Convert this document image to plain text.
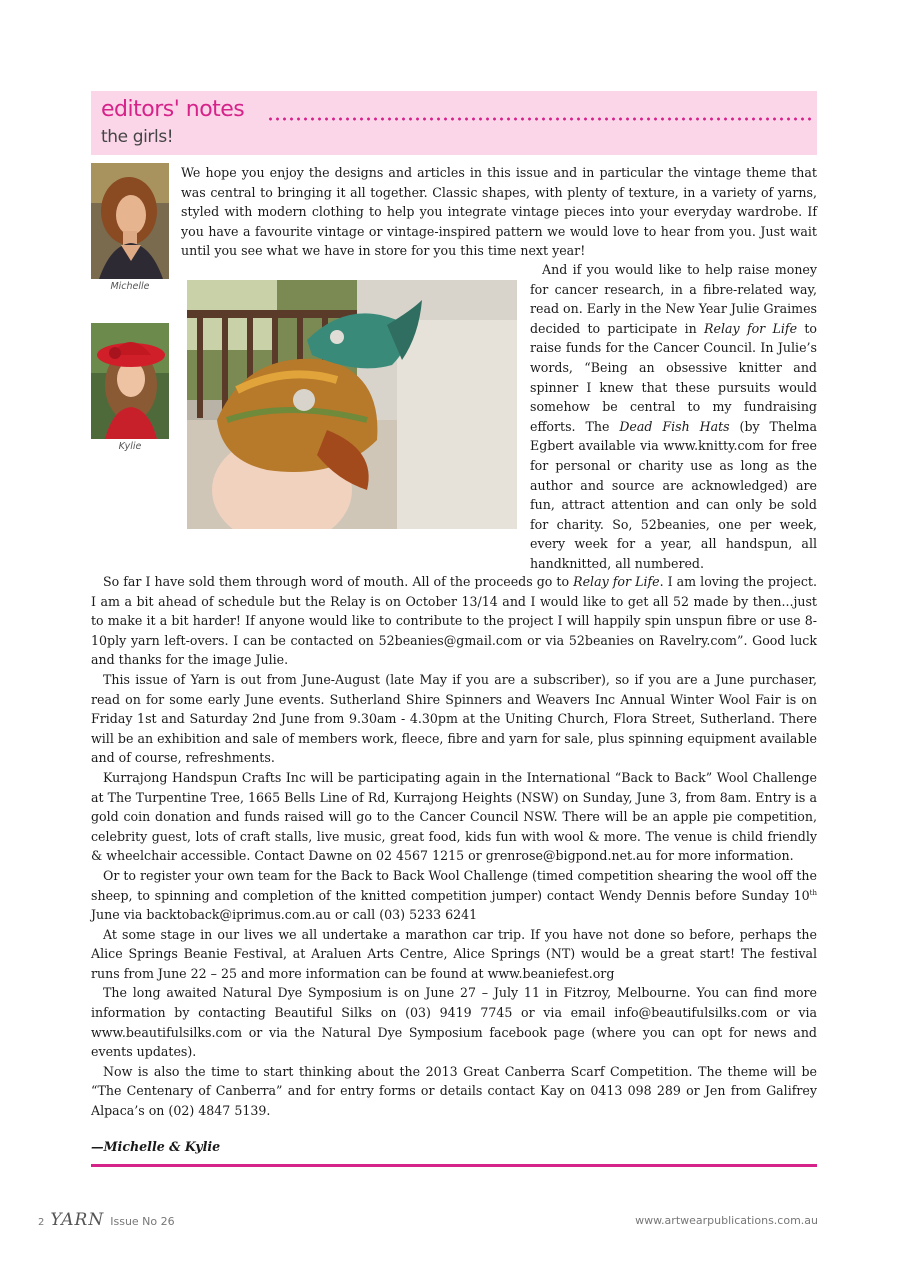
editors' notes
the girls!
Michelle
Kylie

We hope you enjoy the designs and articles in this issue and in particular the vintage theme that was central to bringing it all together. Classic shapes, with plenty of texture, in a variety of yarns, styled with modern clothing to help you integrate vintage pieces into your everyday wardrobe. If you have a favourite vintage or vintage-inspired pattern we would love to hear from you. Just wait until you see what we have in store for you this time next year!

And if you would like to help raise money for cancer research, in a fibre-related way, read on. Early in the New Year Julie Graimes decided to participate in Relay for Life to raise funds for the Cancer Council. In Julie’s words, “Being an obsessive knitter and spinner I knew that these pursuits would somehow be central to my fundraising efforts. The Dead Fish Hats (by Thelma Egbert available via www.knitty.com for free for personal or charity use as long as the author and source are acknowledged) are fun, attract attention and can only be sold for charity. So, 52beanies, one per week, every week for a year, all handspun, all handknitted, all numbered.

So far I have sold them through word of mouth. All of the proceeds go to Relay for Life. I am loving the project. I am a bit ahead of schedule but the Relay is on October 13/14 and I would like to get all 52 made by then...just to make it a bit harder! If anyone would like to contribute to the project I will happily spin unspun fibre or use 8-10ply yarn left-overs. I can be contacted on 52beanies@gmail.com or via 52beanies on Ravelry.com”. Good luck and thanks for the image Julie.

This issue of Yarn is out from June-August (late May if you are a subscriber), so if you are a June purchaser, read on for some early June events. Sutherland Shire Spinners and Weavers Inc Annual Winter Wool Fair is on Friday 1st and Saturday 2nd June from 9.30am - 4.30pm at the Uniting Church, Flora Street, Sutherland. There will be an exhibition and sale of members work, fleece, fibre and yarn for sale, plus spinning equipment available and of course, refreshments.

Kurrajong Handspun Crafts Inc will be participating again in the International “Back to Back” Wool Challenge at The Turpentine Tree, 1665 Bells Line of Rd, Kurrajong Heights (NSW) on Sunday, June 3, from 8am. Entry is a gold coin donation and funds raised will go to the Cancer Council NSW. There will be an apple pie competition, celebrity guest, lots of craft stalls, live music, great food, kids fun with wool & more. The venue is child friendly & wheelchair accessible. Contact Dawne on 02 4567 1215 or grenrose@bigpond.net.au for more information.

Or to register your own team for the Back to Back Wool Challenge (timed competition shearing the wool off the sheep, to spinning and completion of the knitted competition jumper) contact Wendy Dennis before Sunday 10th June via backtoback@iprimus.com.au or call (03) 5233 6241

At some stage in our lives we all undertake a marathon car trip. If you have not done so before, perhaps the Alice Springs Beanie Festival, at Araluen Arts Centre, Alice Springs (NT) would be a great start! The festival runs from June 22 – 25 and more information can be found at www.beaniefest.org

The long awaited Natural Dye Symposium is on June 27 – July 11 in Fitzroy, Melbourne. You can find more information by contacting Beautiful Silks on (03) 9419 7745 or via email info@beautifulsilks.com or via www.beautifulsilks.com or via the Natural Dye Symposium facebook page (where you can opt for news and events updates).

Now is also the time to start thinking about the 2013 Great Canberra Scarf Competition. The theme will be “The Centenary of Canberra” and for entry forms or details contact Kay on 0413 098 289 or Jen from Galifrey Alpaca’s on (02) 4847 5139.

—Michelle & Kylie
2 YARN Issue No 26	www.artwearpublications.com.au
